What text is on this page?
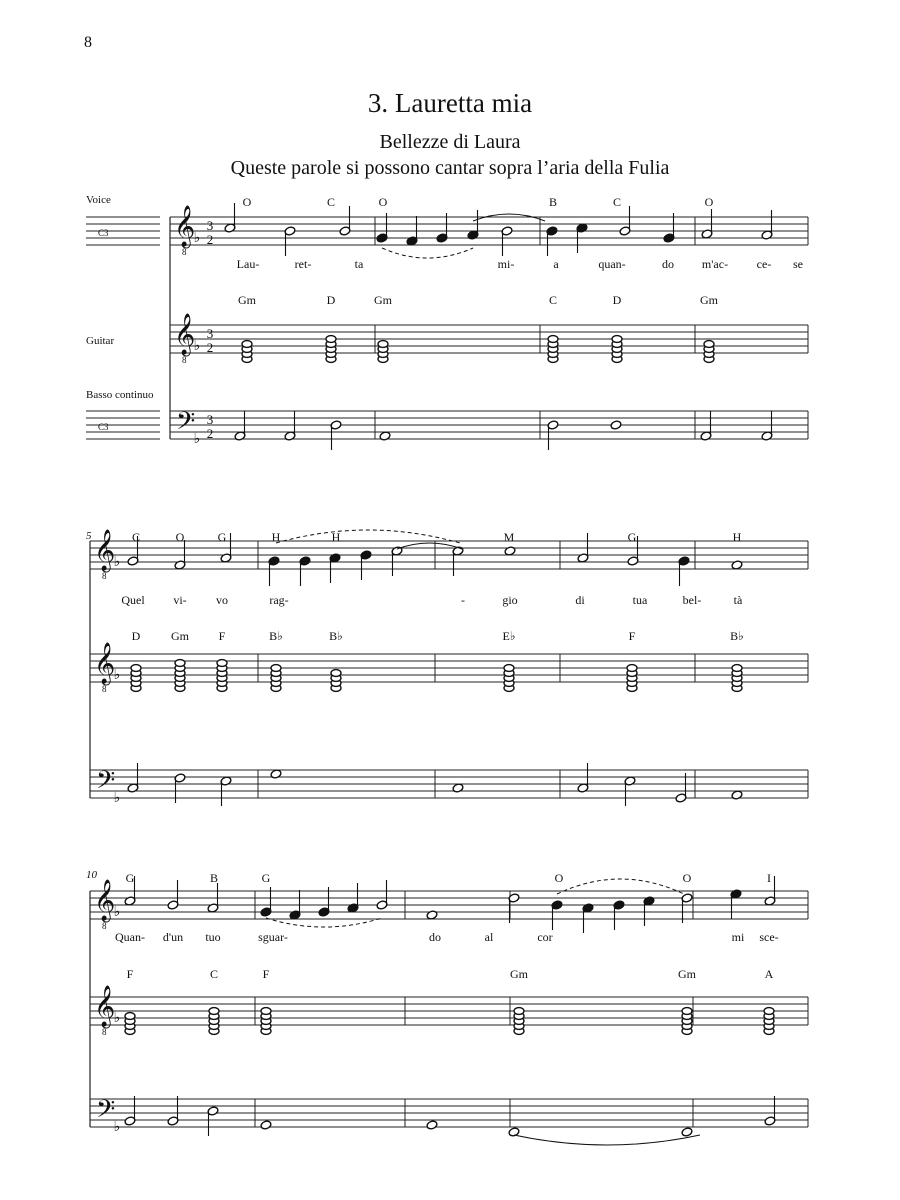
8
3. Lauretta mia
Bellezze di Laura
Queste parole si possono cantar sopra l’aria della Fulia
𝄞
8
𝄞
8
𝄢
♭
♭
♭
3
2
3
2
3
2
O	C	O	B	C	O
Gm	D	Gm	C	D	Gm
Lau-	ret-	ta	mi-	a	quan-	do m'ac- ce- se
𝄞
8
𝄞
8
𝄢
♭
♭
♭
5	C	O	G	H	H	M	G	H
D	Gm F	B♭	B♭	E♭	F	B♭
Quel vi- vo	rag-	-	gio	di	tua	bel-	tà
𝄞
8
𝄞
8
𝄢
♭
♭
♭
10 G	B	G	O	O	I
F	C	F	Gm	Gm	A
Quan- d'un tuo	sguar-	do	al	cor	mi sce-
Voice
Guitar
Basso continuo
C3
C3
